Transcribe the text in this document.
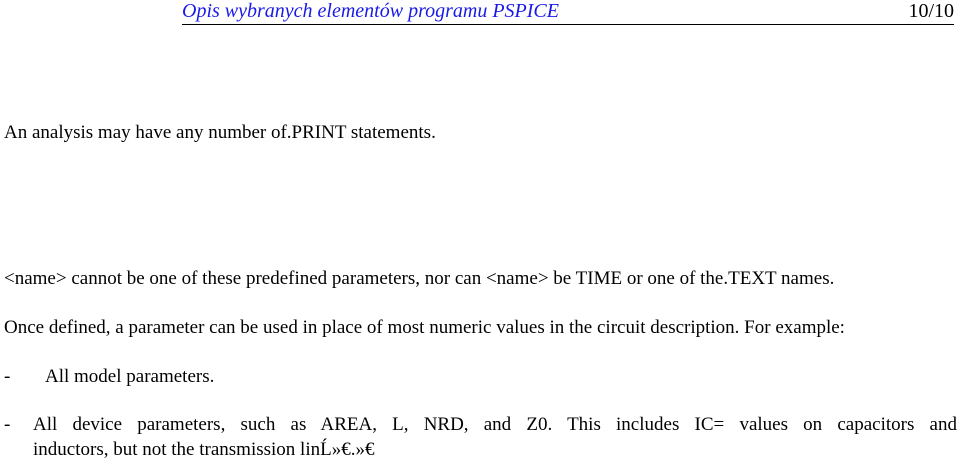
Opis wybranych elementów programu PSPICE	10/10
An analysis may have any number of.PRINT statements.
<name> cannot be one of these predefined parameters, nor can <name> be TIME or one of the.TEXT names.
Once defined, a parameter can be used in place of most numeric values in the circuit description. For example:
- All model parameters.
- All device parameters, such as AREA, L, NRD, and Z0. This includes IC= values on capacitors and
inductors, but not the transmission linĹ»€.»€
